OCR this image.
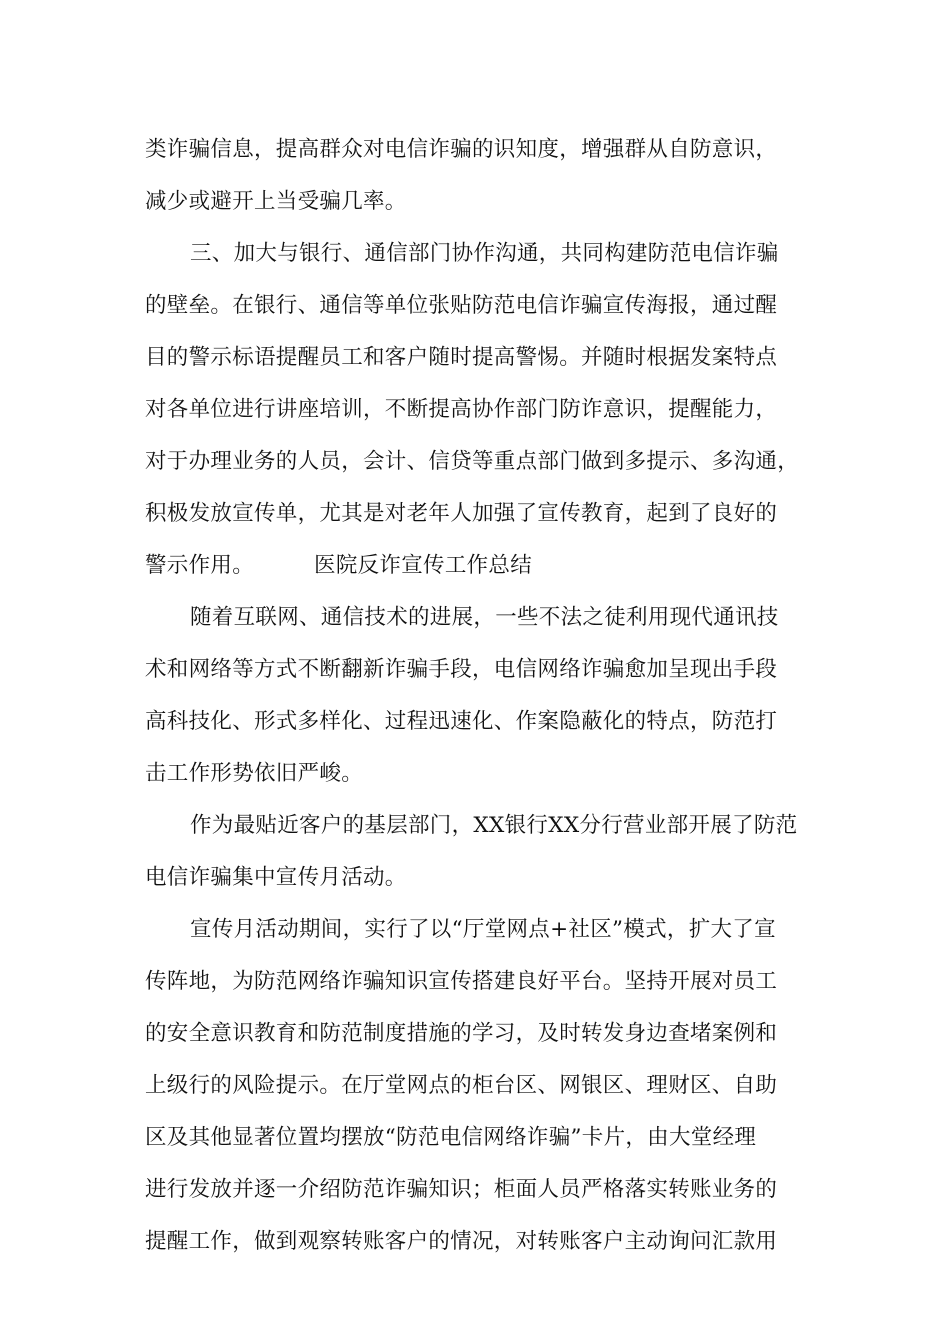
类诈骗信息，提高群众对电信诈骗的识知度，增强群从自防意识，
减少或避开上当受骗几率。
三、加大与银行、通信部门协作沟通，共同构建防范电信诈骗
的壁垒。在银行、通信等单位张贴防范电信诈骗宣传海报，通过醒
目的警示标语提醒员工和客户随时提高警惕。并随时根据发案特点
对各单位进行讲座培训，不断提高协作部门防诈意识，提醒能力，
对于办理业务的人员，会计、信贷等重点部门做到多提示、多沟通，
积极发放宣传单，尤其是对老年人加强了宣传教育，起到了良好的
警示作用。	医院反诈宣传工作总结
随着互联网、通信技术的进展，一些不法之徒利用现代通讯技
术和网络等方式不断翻新诈骗手段，电信网络诈骗愈加呈现出手段
高科技化、形式多样化、过程迅速化、作案隐蔽化的特点，防范打
击工作形势依旧严峻。
作为最贴近客户的基层部门，XX银行XX分行营业部开展了防范
电信诈骗集中宣传月活动。
宣传月活动期间，实行了以“厅堂网点+社区”模式，扩大了宣
传阵地，为防范网络诈骗知识宣传搭建良好平台。坚持开展对员工
的安全意识教育和防范制度措施的学习，及时转发身边查堵案例和
上级行的风险提示。在厅堂网点的柜台区、网银区、理财区、自助
区及其他显著位置均摆放“防范电信网络诈骗”卡片，由大堂经理
进行发放并逐一介绍防范诈骗知识；柜面人员严格落实转账业务的
提醒工作，做到观察转账客户的情况，对转账客户主动询问汇款用
